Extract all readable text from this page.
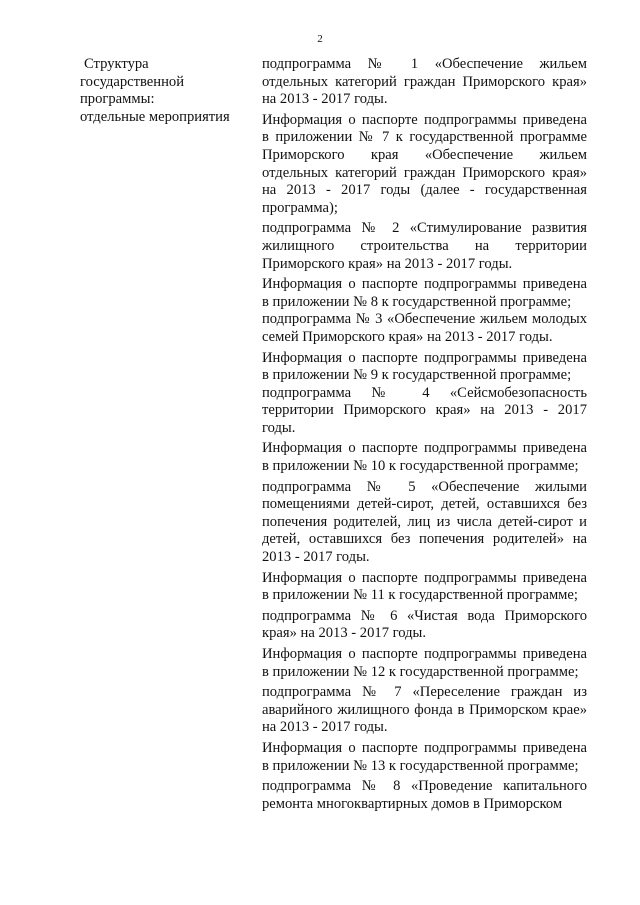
2
Структура
государственной
программы:
отдельные мероприятия

подпрограмма № 1 «Обеспечение жильем отдельных категорий граждан Приморского края» на 2013 - 2017 годы.

Информация о паспорте подпрограммы приведена в приложении № 7 к государственной программе Приморского края «Обеспечение жильем отдельных категорий граждан Приморского края» на 2013 - 2017 годы (далее - государственная программа);

подпрограмма № 2 «Стимулирование развития жилищного строительства на территории Приморского края» на 2013 - 2017 годы.

Информация о паспорте подпрограммы приведена в приложении № 8 к государственной программе;

подпрограмма № 3 «Обеспечение жильем молодых семей Приморского края» на 2013 - 2017 годы.

Информация о паспорте подпрограммы приведена в приложении № 9 к государственной программе;

подпрограмма № 4 «Сейсмобезопасность территории Приморского края» на 2013 - 2017 годы.

Информация о паспорте подпрограммы приведена в приложении № 10 к государственной программе;

подпрограмма № 5 «Обеспечение жилыми помещениями детей-сирот, детей, оставшихся без попечения родителей, лиц из числа детей-сирот и детей, оставшихся без попечения родителей» на 2013 - 2017 годы.

Информация о паспорте подпрограммы приведена в приложении № 11 к государственной программе;

подпрограмма № 6 «Чистая вода Приморского края» на 2013 - 2017 годы.

Информация о паспорте подпрограммы приведена в приложении № 12 к государственной программе;

подпрограмма № 7 «Переселение граждан из аварийного жилищного фонда в Приморском крае» на 2013 - 2017 годы.

Информация о паспорте подпрограммы приведена в приложении № 13 к государственной программе;

подпрограмма № 8 «Проведение капитального ремонта многоквартирных домов в Приморском
